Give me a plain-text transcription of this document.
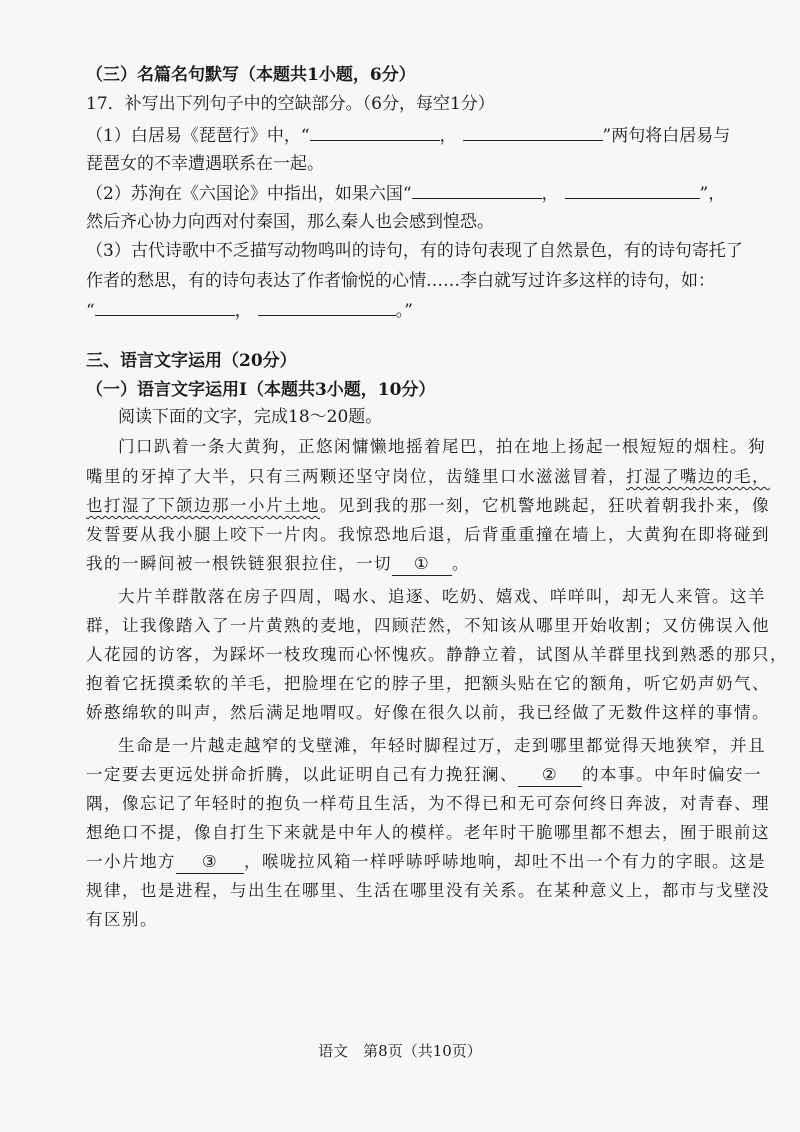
（三）名篇名句默写（本题共1小题，6分）
17．补写出下列句子中的空缺部分。（6分，每空1分）
（1）白居易《琵琶行》中，“	，	”两句将白居易与
琵琶女的不幸遭遇联系在一起。
（2）苏洵在《六国论》中指出，如果六国“	，	”，
然后齐心协力向西对付秦国，那么秦人也会感到惶恐。
（3）古代诗歌中不乏描写动物鸣叫的诗句，有的诗句表现了自然景色，有的诗句寄托了
作者的愁思，有的诗句表达了作者愉悦的心情……李白就写过许多这样的诗句，如：
“	，	。”
三、语言文字运用（20分）
（一）语言文字运用Ⅰ（本题共3小题，10分）
阅读下面的文字，完成18～20题。
门口趴着一条大黄狗，正悠闲慵懒地摇着尾巴，拍在地上扬起一根短短的烟柱。狗
嘴里的牙掉了大半，只有三两颗还坚守岗位，齿缝里口水滋滋冒着，打湿了嘴边的毛，
也打湿了下颌边那一小片土地。见到我的那一刻，它机警地跳起，狂吠着朝我扑来，像
发誓要从我小腿上咬下一片肉。我惊恐地后退，后背重重撞在墙上，大黄狗在即将碰到
我的一瞬间被一根铁链狠狠拉住，一切 ① 。
大片羊群散落在房子四周，喝水、追逐、吃奶、嬉戏、咩咩叫，却无人来管。这羊
群，让我像踏入了一片黄熟的麦地，四顾茫然，不知该从哪里开始收割；又仿佛误入他
人花园的访客，为踩坏一枝玫瑰而心怀愧疚。静静立着，试图从羊群里找到熟悉的那只，
抱着它抚摸柔软的羊毛，把脸埋在它的脖子里，把额头贴在它的额角，听它奶声奶气、
娇憨绵软的叫声，然后满足地喟叹。好像在很久以前，我已经做了无数件这样的事情。
生命是一片越走越窄的戈壁滩，年轻时脚程过万，走到哪里都觉得天地狭窄，并且
一定要去更远处拼命折腾，以此证明自己有力挽狂澜、 ② 的本事。中年时偏安一
隅，像忘记了年轻时的抱负一样苟且生活，为不得已和无可奈何终日奔波，对青春、理
想绝口不提，像自打生下来就是中年人的模样。老年时干脆哪里都不想去，囿于眼前这
一小片地方 ③ ，喉咙拉风箱一样呼哧呼哧地响，却吐不出一个有力的字眼。这是
规律，也是进程，与出生在哪里、生活在哪里没有关系。在某种意义上，都市与戈壁没
有区别。
语文　第8页（共10页）
